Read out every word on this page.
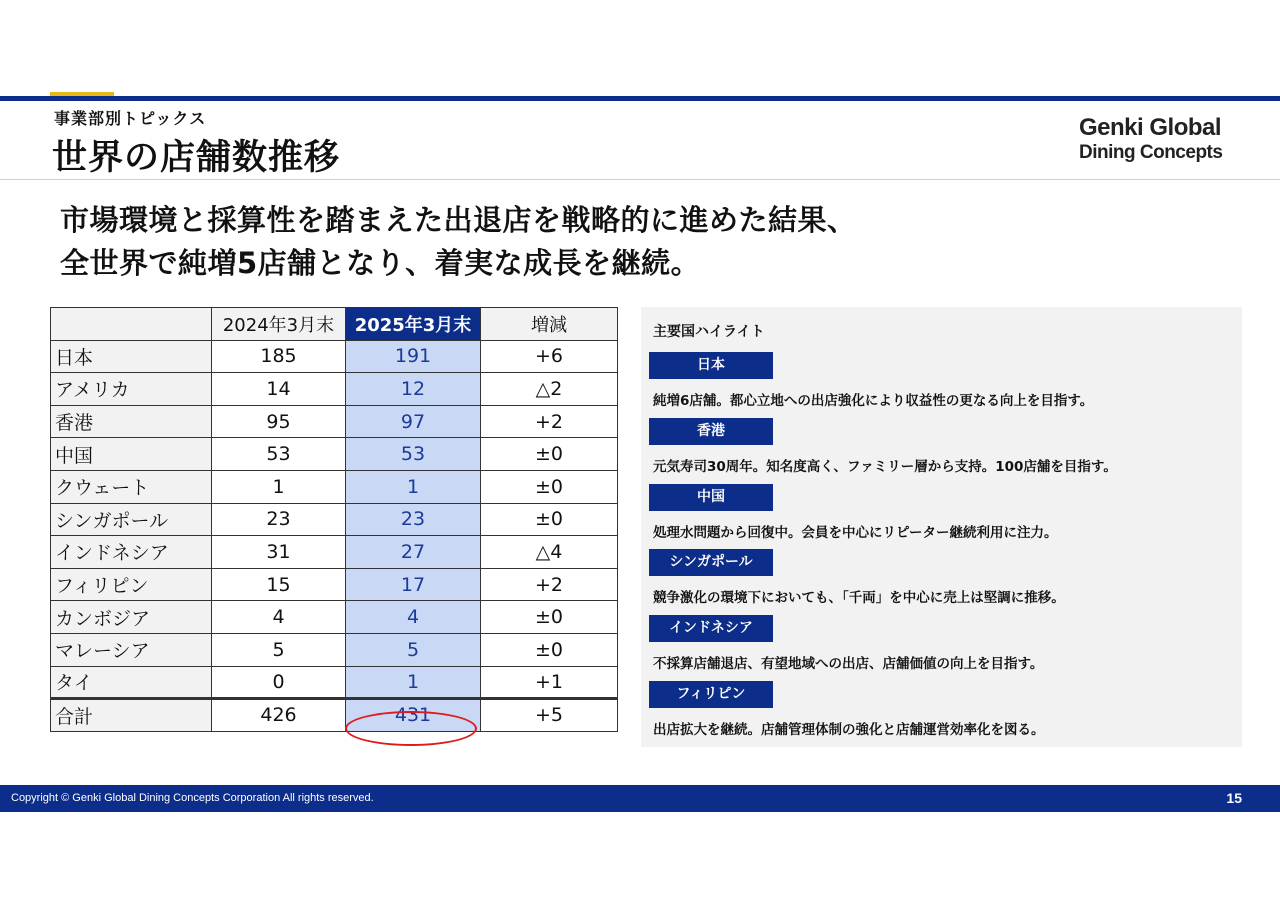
事業部別トピックス
世界の店舗数推移
Genki Global
Dining Concepts
市場環境と採算性を踏まえた出退店を戦略的に進めた結果、
全世界で純増5店舗となり、着実な成長を継続。
	2024年3月末	2025年3月末	増減
日本	185	191	+6
アメリカ	14	12	△2
香港	95	97	+2
中国	53	53	±0
クウェート	1	1	±0
シンガポール	23	23	±0
インドネシア	31	27	△4
フィリピン	15	17	+2
カンボジア	4	4	±0
マレーシア	5	5	±0
タイ	0	1	+1
合計	426	431	+5
主要国ハイライト
日本
純増6店舗。都心立地への出店強化により収益性の更なる向上を目指す。
香港
元気寿司30周年。知名度高く、ファミリー層から支持。100店舗を目指す。
中国
処理水問題から回復中。会員を中心にリピーター継続利用に注力。
シンガポール
競争激化の環境下においても、「千両」を中心に売上は堅調に推移。
インドネシア
不採算店舗退店、有望地域への出店、店舗価値の向上を目指す。
フィリピン
出店拡大を継続。店舗管理体制の強化と店舗運営効率化を図る。
Copyright © Genki Global Dining Concepts Corporation All rights reserved.	15
